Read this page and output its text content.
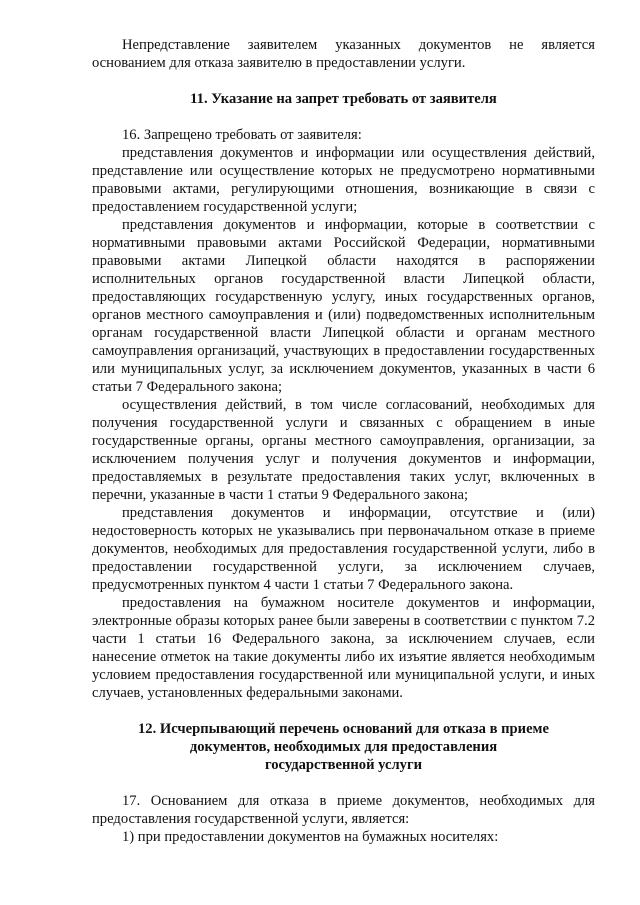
Непредставление заявителем указанных документов не является основанием для отказа заявителю в предоставлении услуги.

11. Указание на запрет требовать от заявителя

16. Запрещено требовать от заявителя:

представления документов и информации или осуществления действий, представление или осуществление которых не предусмотрено нормативными правовыми актами, регулирующими отношения, возникающие в связи с предоставлением государственной услуги;

представления документов и информации, которые в соответствии с нормативными правовыми актами Российской Федерации, нормативными правовыми актами Липецкой области находятся в распоряжении исполнительных органов государственной власти Липецкой области, предоставляющих государственную услугу, иных государственных органов, органов местного самоуправления и (или) подведомственных исполнительным органам государственной власти Липецкой области и органам местного самоуправления организаций, участвующих в предоставлении государственных или муниципальных услуг, за исключением документов, указанных в части 6 статьи 7 Федерального закона;

осуществления действий, в том числе согласований, необходимых для получения государственной услуги и связанных с обращением в иные государственные органы, органы местного самоуправления, организации, за исключением получения услуг и получения документов и информации, предоставляемых в результате предоставления таких услуг, включенных в перечни, указанные в части 1 статьи 9 Федерального закона;

представления документов и информации, отсутствие и (или) недостоверность которых не указывались при первоначальном отказе в приеме документов, необходимых для предоставления государственной услуги, либо в предоставлении государственной услуги, за исключением случаев, предусмотренных пунктом 4 части 1 статьи 7 Федерального закона.

предоставления на бумажном носителе документов и информации, электронные образы которых ранее были заверены в соответствии с пунктом 7.2 части 1 статьи 16 Федерального закона, за исключением случаев, если нанесение отметок на такие документы либо их изъятие является необходимым условием предоставления государственной или муниципальной услуги, и иных случаев, установленных федеральными законами.

12. Исчерпывающий перечень оснований для отказа в приеме

документов, необходимых для предоставления

государственной услуги

17. Основанием для отказа в приеме документов, необходимых для предоставления государственной услуги, является:

1) при предоставлении документов на бумажных носителях:
